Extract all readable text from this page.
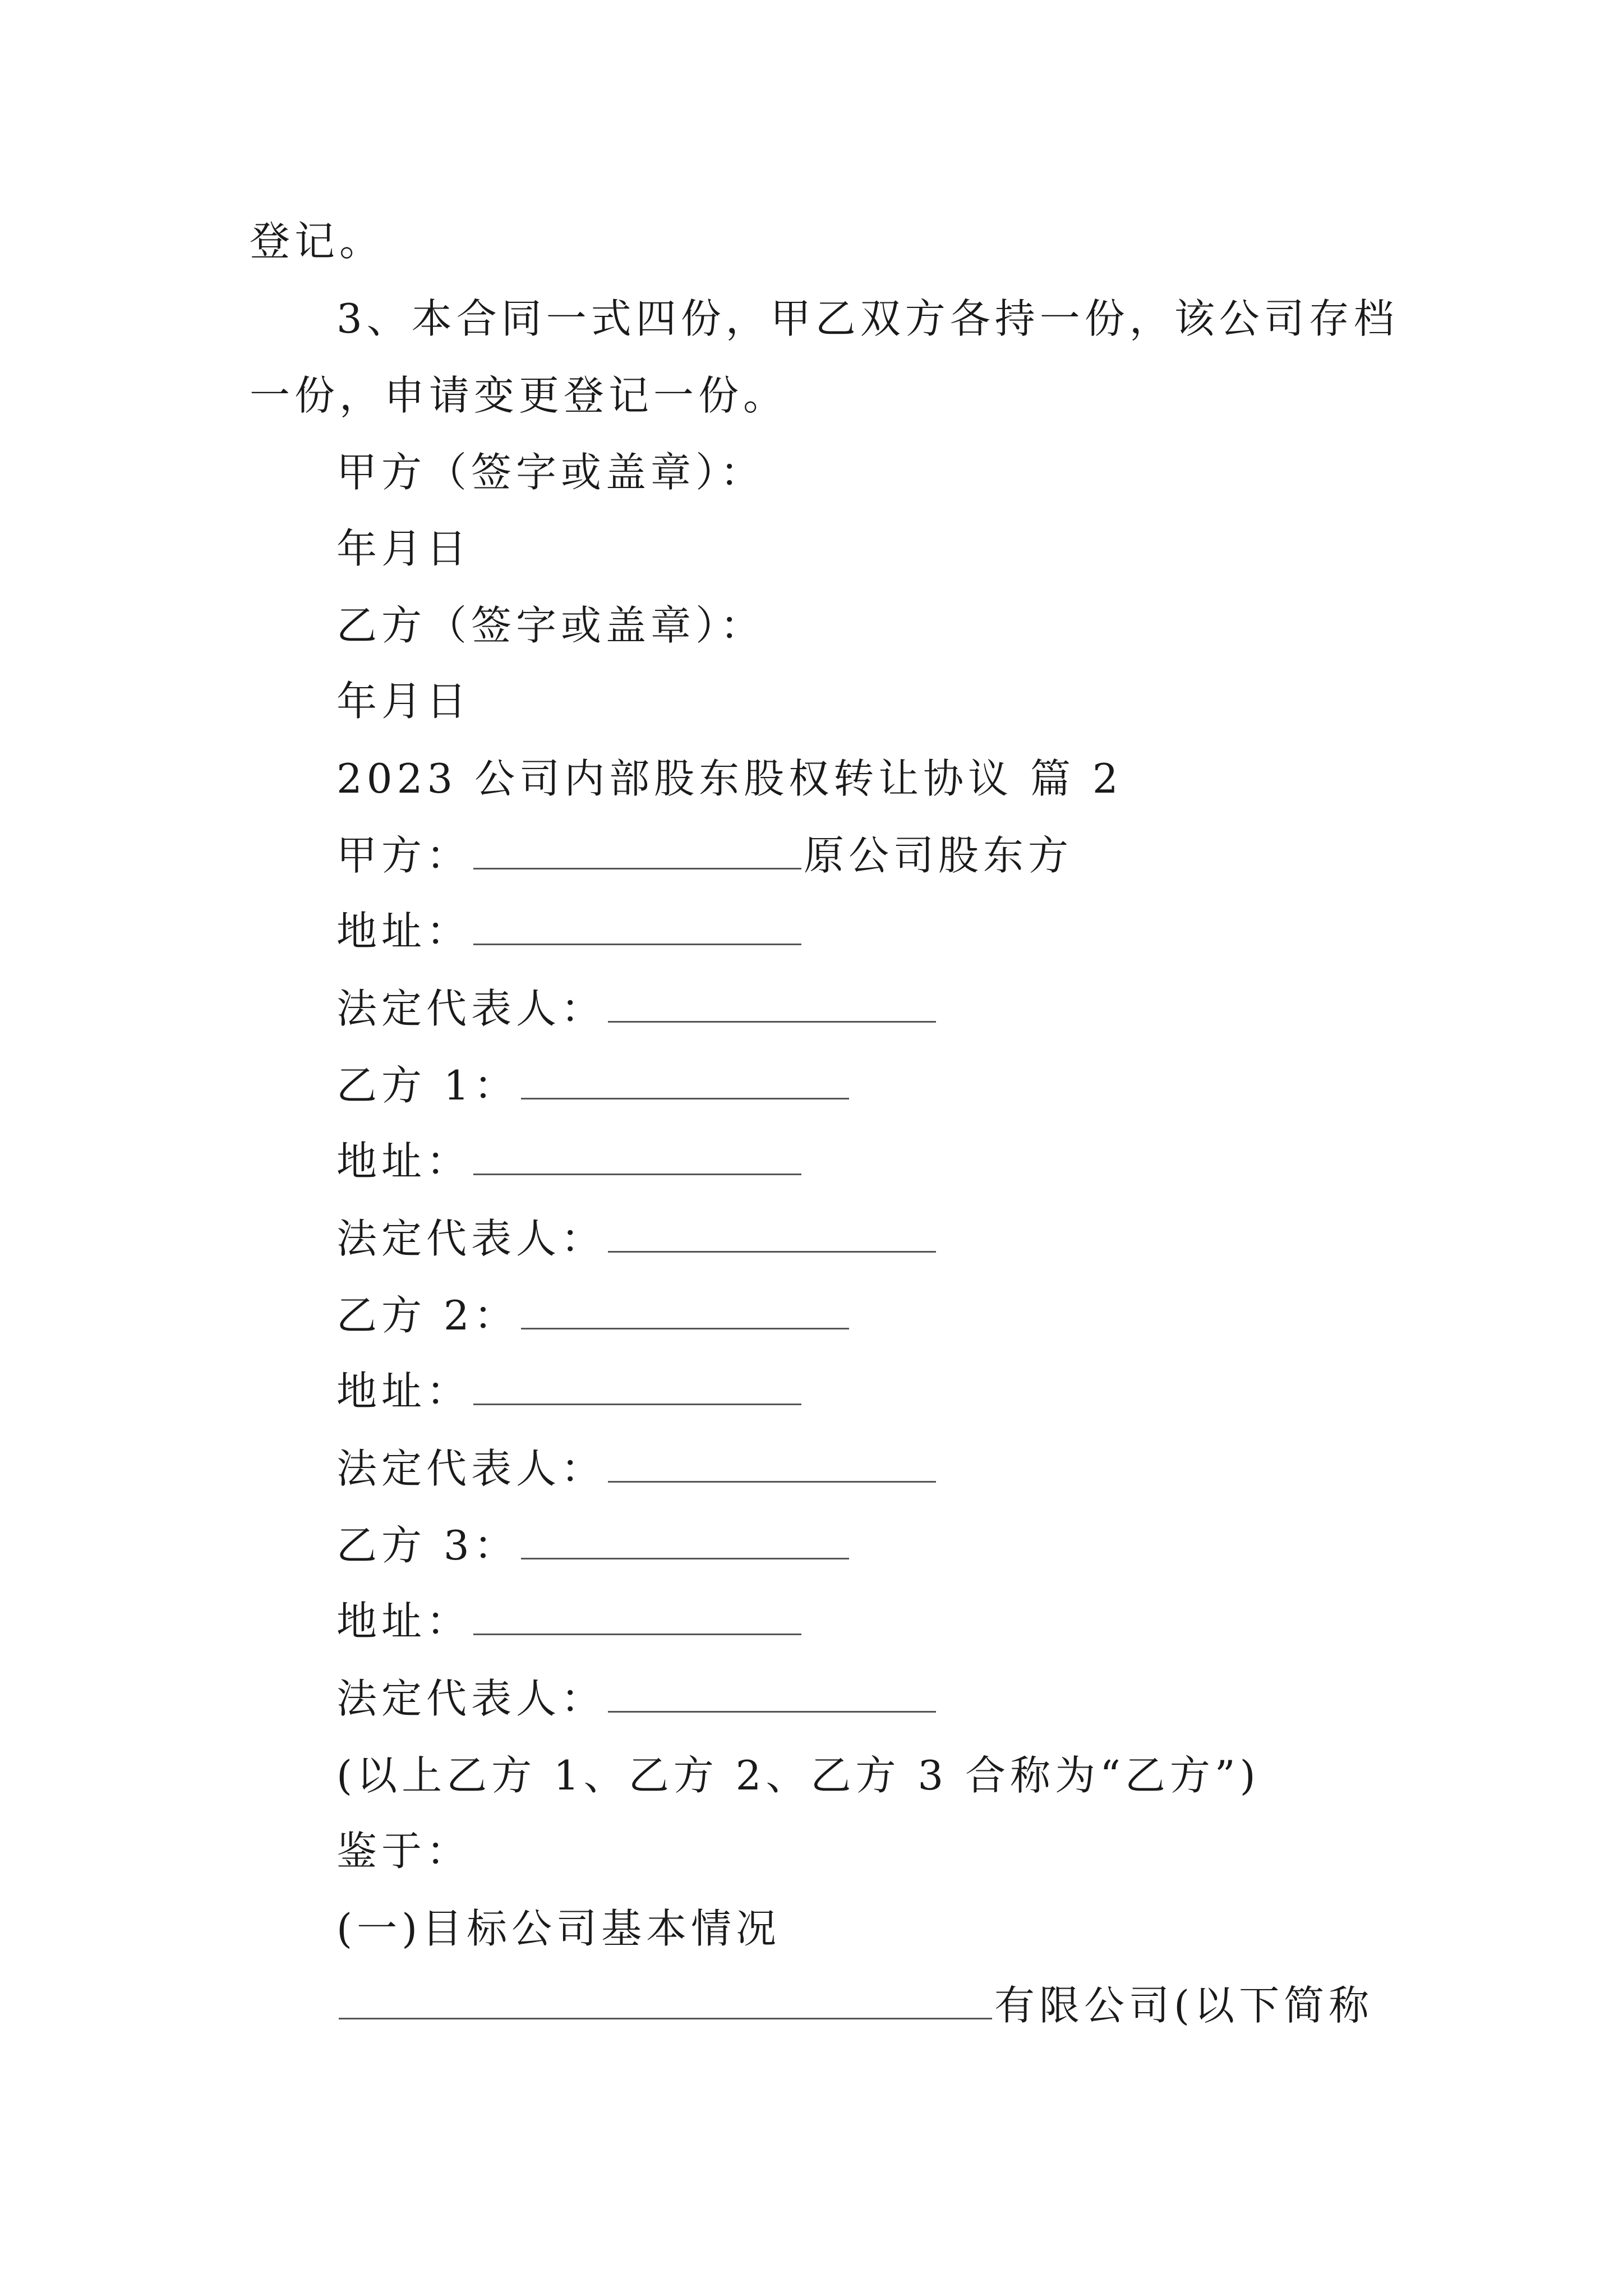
登记。
3、本合同一式四份，甲乙双方各持一份，该公司存档
一份，申请变更登记一份。
甲方（签字或盖章）：
年月日
乙方（签字或盖章）：
年月日
2023 公司内部股东股权转让协议 篇 2
甲方：	原公司股东方
地址：
法定代表人：
乙方 1：
地址：
法定代表人：
乙方 2：
地址：
法定代表人：
乙方 3：
地址：
法定代表人：
(以上乙方 1、乙方 2、乙方 3 合称为“乙方”)
鉴于：
(一)目标公司基本情况
有限公司(以下简称
